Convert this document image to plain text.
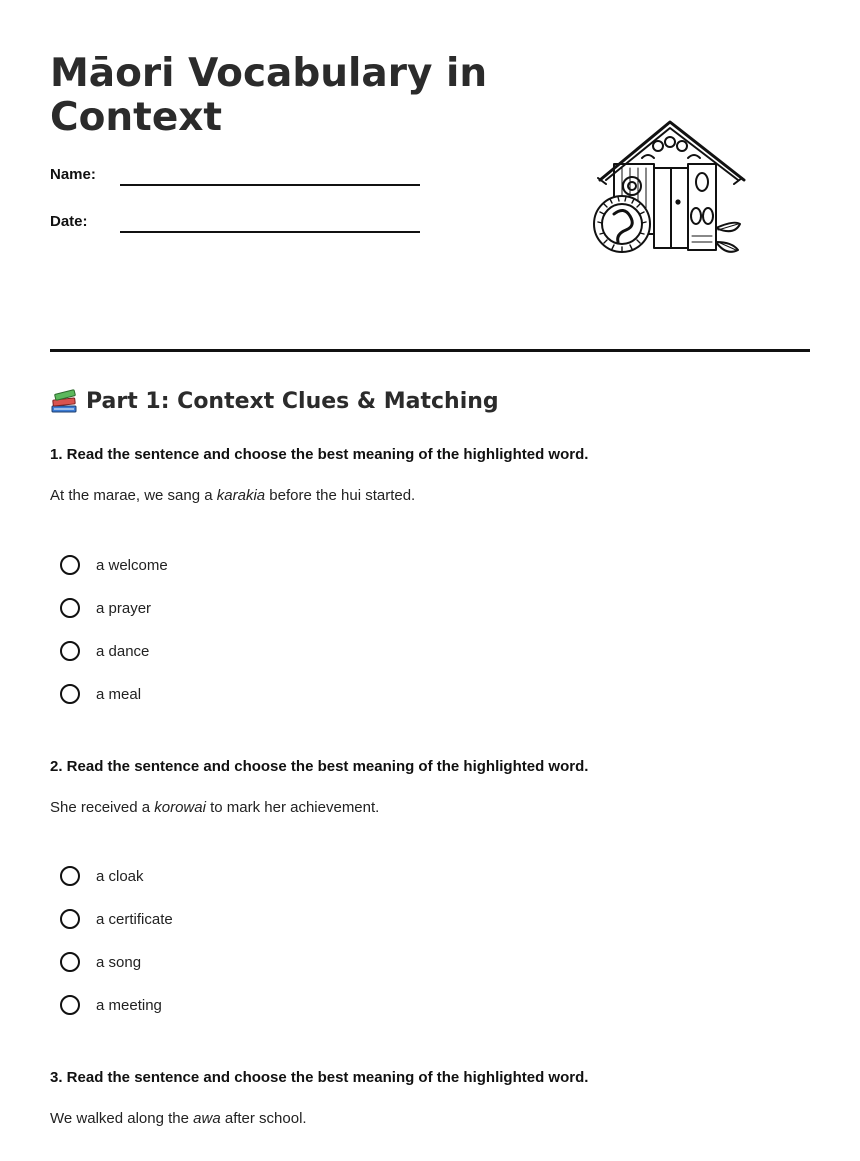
Māori Vocabulary in Context
Name:
Date:
Part 1: Context Clues & Matching
1. Read the sentence and choose the best meaning of the highlighted word.
At the marae, we sang a karakia before the hui started.
a welcome
a prayer
a dance
a meal
2. Read the sentence and choose the best meaning of the highlighted word.
She received a korowai to mark her achievement.
a cloak
a certificate
a song
a meeting
3. Read the sentence and choose the best meaning of the highlighted word.
We walked along the awa after school.
